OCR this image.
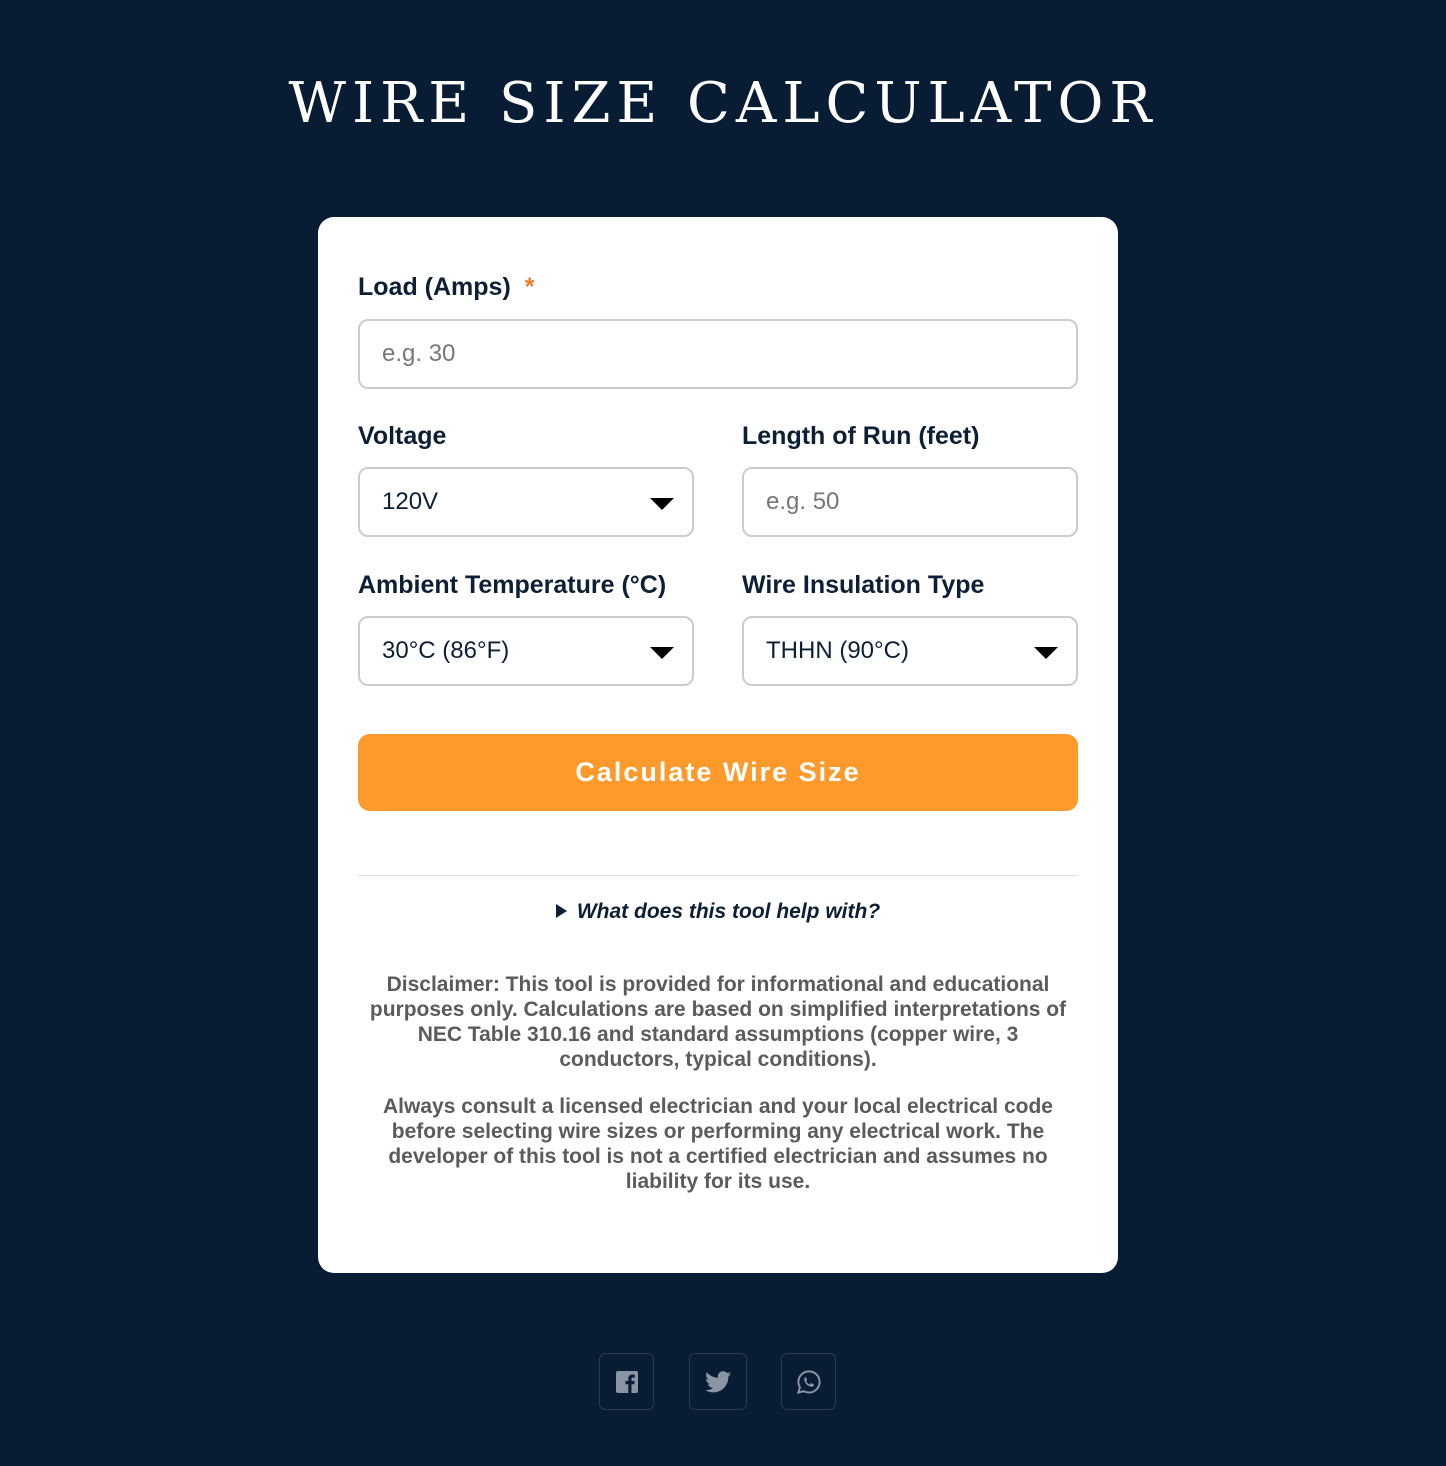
WIRE SIZE CALCULATOR
Load (Amps) *
e.g. 30
Voltage
120V
Length of Run (feet)
e.g. 50
Ambient Temperature (°C)
30°C (86°F)
Wire Insulation Type
THHN (90°C)
Calculate Wire Size
What does this tool help with?

Disclaimer: This tool is provided for informational and educational purposes only. Calculations are based on simplified interpretations of NEC Table 310.16 and standard assumptions (copper wire, 3 conductors, typical conditions).

Always consult a licensed electrician and your local electrical code before selecting wire sizes or performing any electrical work. The developer of this tool is not a certified electrician and assumes no liability for its use.
